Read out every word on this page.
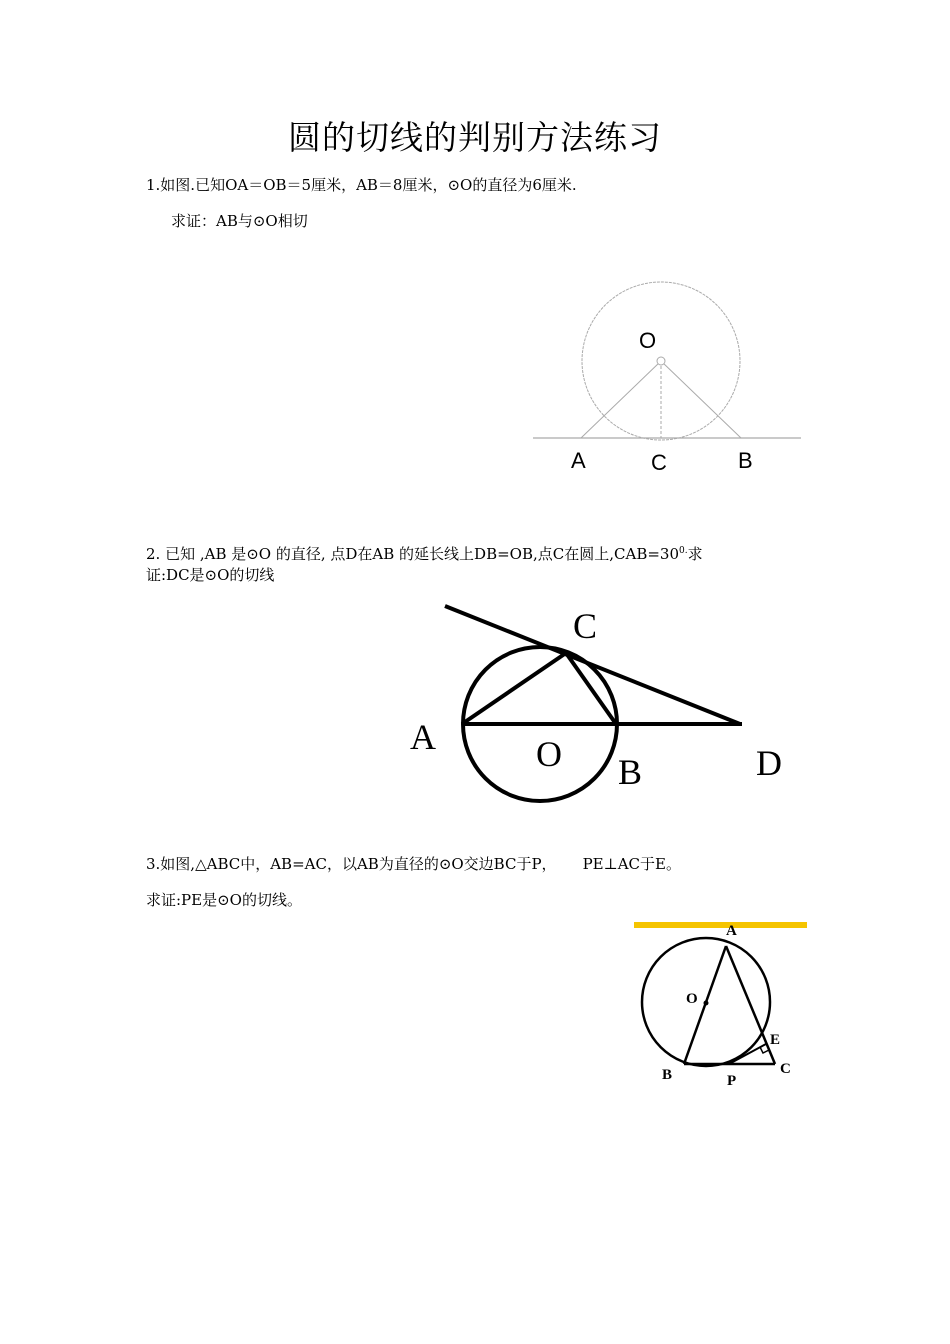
圆的切线的判别方法练习
1.如图.已知OA＝OB＝5厘米，AB＝8厘米，⊙O的直径为6厘米.
求证：AB与⊙O相切
O
A	C	B
2. 已知 ,AB 是⊙O 的直径, 点D在AB 的延长线上DB=OB,点C在圆上$,CAB=30^{0.}$求
证:DC是⊙O的切线
C
A	O B	D
3.如图,△ABC中，AB=AC，以AB为直径的⊙O交边BC于P， PE⊥AC于E。
求证:PE是⊙O的切线。
A
O
E
B	P
C
